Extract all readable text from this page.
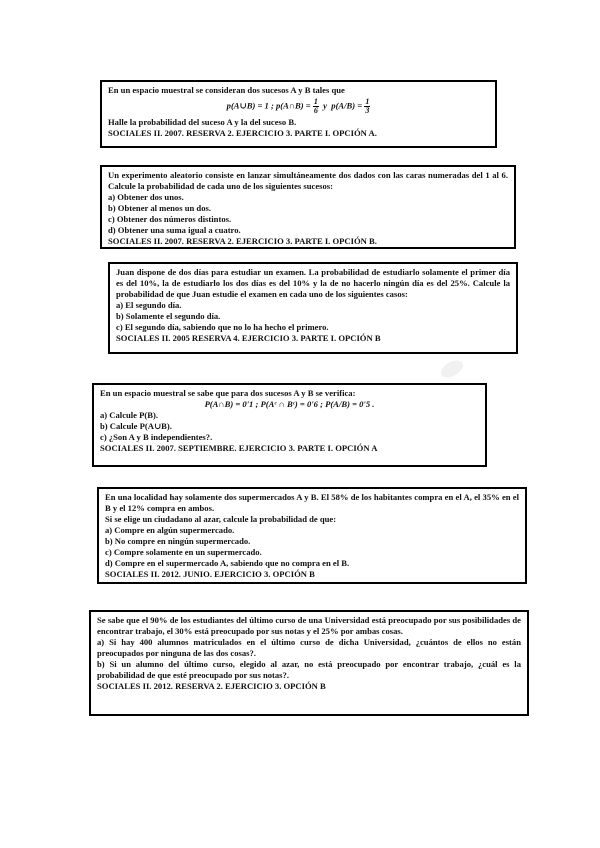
En un espacio muestral se consideran dos sucesos A y B tales que

p(A∪B) = 1 ; p(A∩B) = $\frac{1}{6}$ y $p(A/B) = \frac{1}{3}$

Halle la probabilidad del suceso A y la del suceso B.

SOCIALES II. 2007. RESERVA 2. EJERCICIO 3. PARTE I. OPCIÓN A.

Un experimento aleatorio consiste en lanzar simultáneamente dos dados con las caras numeradas del 1 al 6. Calcule la probabilidad de cada uno de los siguientes sucesos:

a) Obtener dos unos.

b) Obtener al menos un dos.

c) Obtener dos números distintos.

d) Obtener una suma igual a cuatro.

SOCIALES II. 2007. RESERVA 2. EJERCICIO 3. PARTE I. OPCIÓN B.

Juan dispone de dos días para estudiar un examen. La probabilidad de estudiarlo solamente el primer día es del 10%, la de estudiarlo los dos días es del 10% y la de no hacerlo ningún día es del 25%. Calcule la probabilidad de que Juan estudie el examen en cada uno de los siguientes casos:

a) El segundo día.

b) Solamente el segundo día.

c) El segundo día, sabiendo que no lo ha hecho el primero.

SOCIALES II. 2005 RESERVA 4. EJERCICIO 3. PARTE I. OPCIÓN B

En un espacio muestral se sabe que para dos sucesos A y B se verifica:

P(A∩B) = 0'1 ; P(Aᶜ ∩ Bᶜ) = 0'6 ; P(A/B) = 0'5 .

a) Calcule P(B).

b) Calcule P(A∪B).

c) ¿Son A y B independientes?.

SOCIALES II. 2007. SEPTIEMBRE. EJERCICIO 3. PARTE I. OPCIÓN A

En una localidad hay solamente dos supermercados A y B. El 58% de los habitantes compra en el A, el 35% en el B y el 12% compra en ambos.

Si se elige un ciudadano al azar, calcule la probabilidad de que:

a) Compre en algún supermercado.

b) No compre en ningún supermercado.

c) Compre solamente en un supermercado.

d) Compre en el supermercado A, sabiendo que no compra en el B.

SOCIALES II. 2012. JUNIO. EJERCICIO 3. OPCIÓN B

Se sabe que el 90% de los estudiantes del último curso de una Universidad está preocupado por sus posibilidades de encontrar trabajo, el 30% está preocupado por sus notas y el 25% por ambas cosas.

a) Si hay 400 alumnos matriculados en el último curso de dicha Universidad, ¿cuántos de ellos no están preocupados por ninguna de las dos cosas?.

b) Si un alumno del último curso, elegido al azar, no está preocupado por encontrar trabajo, ¿cuál es la probabilidad de que esté preocupado por sus notas?.

SOCIALES II. 2012. RESERVA 2. EJERCICIO 3. OPCIÓN B
